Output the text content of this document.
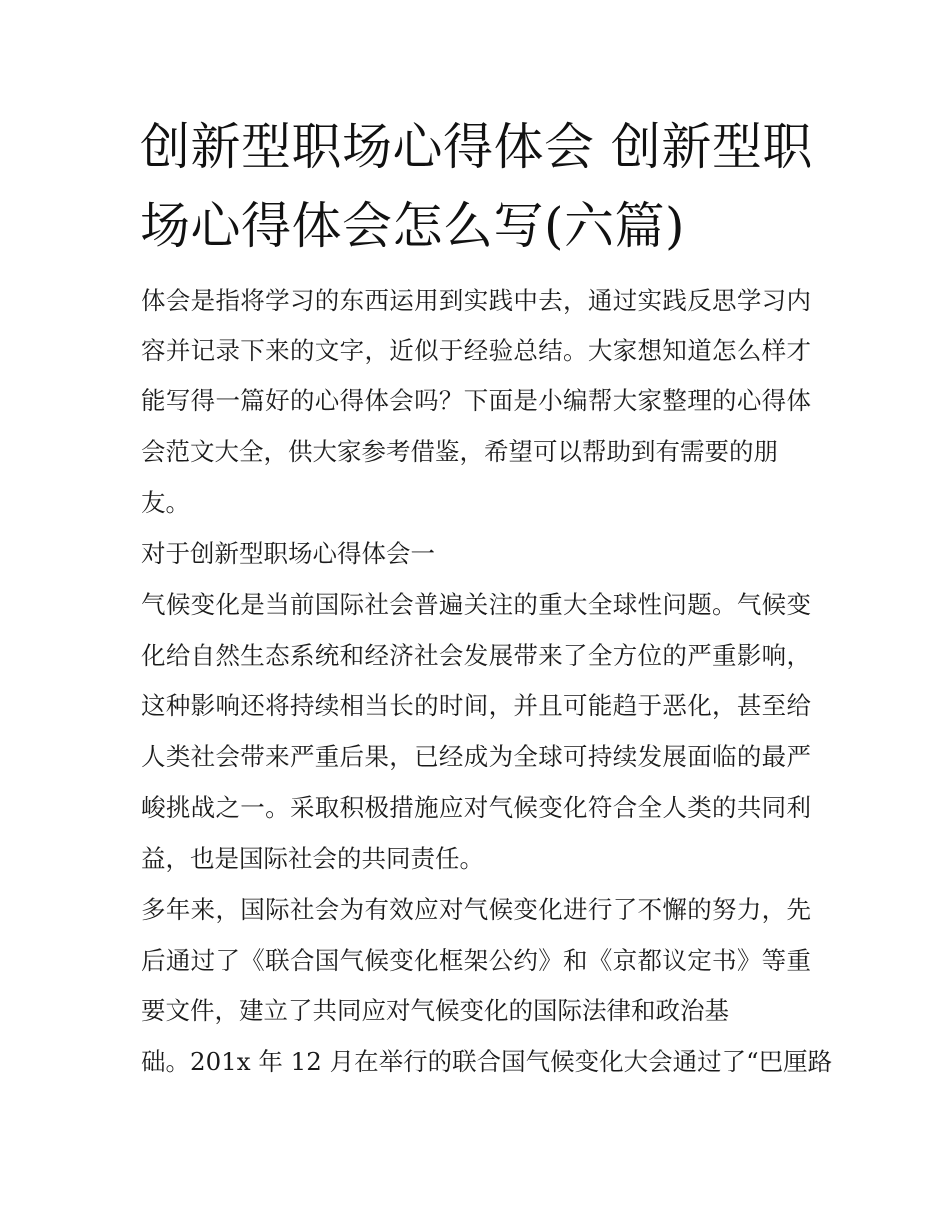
创新型职场心得体会 创新型职场心得体会怎么写(六篇)

体会是指将学习的东西运用到实践中去，通过实践反思学习内

容并记录下来的文字，近似于经验总结。大家想知道怎么样才

能写得一篇好的心得体会吗？下面是小编帮大家整理的心得体

会范文大全，供大家参考借鉴，希望可以帮助到有需要的朋

友。

对于创新型职场心得体会一

气候变化是当前国际社会普遍关注的重大全球性问题。气候变

化给自然生态系统和经济社会发展带来了全方位的严重影响，

这种影响还将持续相当长的时间，并且可能趋于恶化，甚至给

人类社会带来严重后果，已经成为全球可持续发展面临的最严

峻挑战之一。采取积极措施应对气候变化符合全人类的共同利

益，也是国际社会的共同责任。

多年来，国际社会为有效应对气候变化进行了不懈的努力，先

后通过了《联合国气候变化框架公约》和《京都议定书》等重

要文件，建立了共同应对气候变化的国际法律和政治基

础。201x 年 12 月在举行的联合国气候变化大会通过了“巴厘路
